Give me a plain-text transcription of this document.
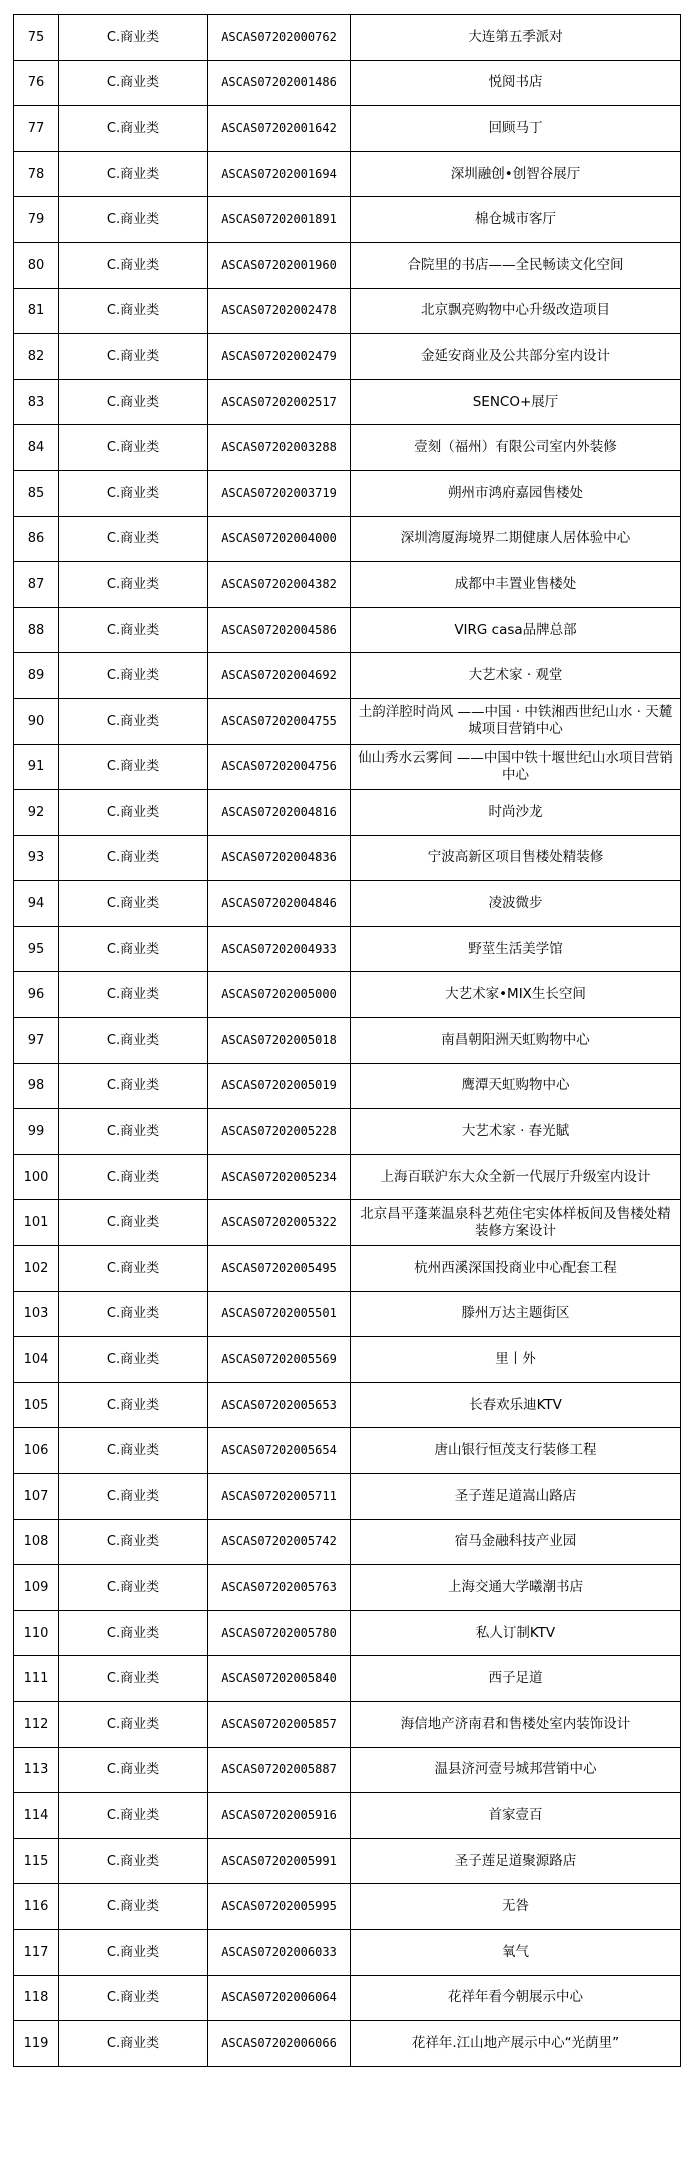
75	C.商业类	ASCAS07202000762	大连第五季派对
76	C.商业类	ASCAS07202001486	悦阅书店
77	C.商业类	ASCAS07202001642	回顾马丁
78	C.商业类	ASCAS07202001694	深圳融创•创智谷展厅
79	C.商业类	ASCAS07202001891	棉仓城市客厅
80	C.商业类	ASCAS07202001960	合院里的书店——全民畅读文化空间
81	C.商业类	ASCAS07202002478	北京飘亮购物中心升级改造项目
82	C.商业类	ASCAS07202002479	金延安商业及公共部分室内设计
83	C.商业类	ASCAS07202002517	SENCO+展厅
84	C.商业类	ASCAS07202003288	壹刻（福州）有限公司室内外装修
85	C.商业类	ASCAS07202003719	朔州市鸿府嘉园售楼处
86	C.商业类	ASCAS07202004000	深圳湾厦海境界二期健康人居体验中心
87	C.商业类	ASCAS07202004382	成都中丰置业售楼处
88	C.商业类	ASCAS07202004586	VIRG casa品牌总部
89	C.商业类	ASCAS07202004692	大艺术家 · 观堂
90	C.商业类	ASCAS07202004755	土韵洋腔时尚风 ——中国 · 中铁湘西世纪山水 · 天麓城项目营销中心
91	C.商业类	ASCAS07202004756	仙山秀水云雾间 ——中国中铁十堰世纪山水项目营销中心
92	C.商业类	ASCAS07202004816	时尚沙龙
93	C.商业类	ASCAS07202004836	宁波高新区项目售楼处精装修
94	C.商业类	ASCAS07202004846	凌波微步
95	C.商业类	ASCAS07202004933	野莖生活美学馆
96	C.商业类	ASCAS07202005000	大艺术家•MIX生长空间
97	C.商业类	ASCAS07202005018	南昌朝阳洲天虹购物中心
98	C.商业类	ASCAS07202005019	鹰潭天虹购物中心
99	C.商业类	ASCAS07202005228	大艺术家 · 春光賦
100	C.商业类	ASCAS07202005234	上海百联沪东大众全新一代展厅升级室内设计
101	C.商业类	ASCAS07202005322	北京昌平蓬莱温泉科艺苑住宅实体样板间及售楼处精装修方案设计
102	C.商业类	ASCAS07202005495	杭州西溪深国投商业中心配套工程
103	C.商业类	ASCAS07202005501	滕州万达主题街区
104	C.商业类	ASCAS07202005569	里丨外
105	C.商业类	ASCAS07202005653	长春欢乐迪KTV
106	C.商业类	ASCAS07202005654	唐山银行恒茂支行装修工程
107	C.商业类	ASCAS07202005711	圣子莲足道嵩山路店
108	C.商业类	ASCAS07202005742	宿马金融科技产业园
109	C.商业类	ASCAS07202005763	上海交通大学曦潮书店
110	C.商业类	ASCAS07202005780	私人订制KTV
111	C.商业类	ASCAS07202005840	西子足道
112	C.商业类	ASCAS07202005857	海信地产济南君和售楼处室内装饰设计
113	C.商业类	ASCAS07202005887	温县济河壹号城邦营销中心
114	C.商业类	ASCAS07202005916	首家壹百
115	C.商业类	ASCAS07202005991	圣子莲足道聚源路店
116	C.商业类	ASCAS07202005995	无咎
117	C.商业类	ASCAS07202006033	氧气
118	C.商业类	ASCAS07202006064	花祥年看今朝展示中心
119	C.商业类	ASCAS07202006066	花祥年.江山地产展示中心“光荫里”
